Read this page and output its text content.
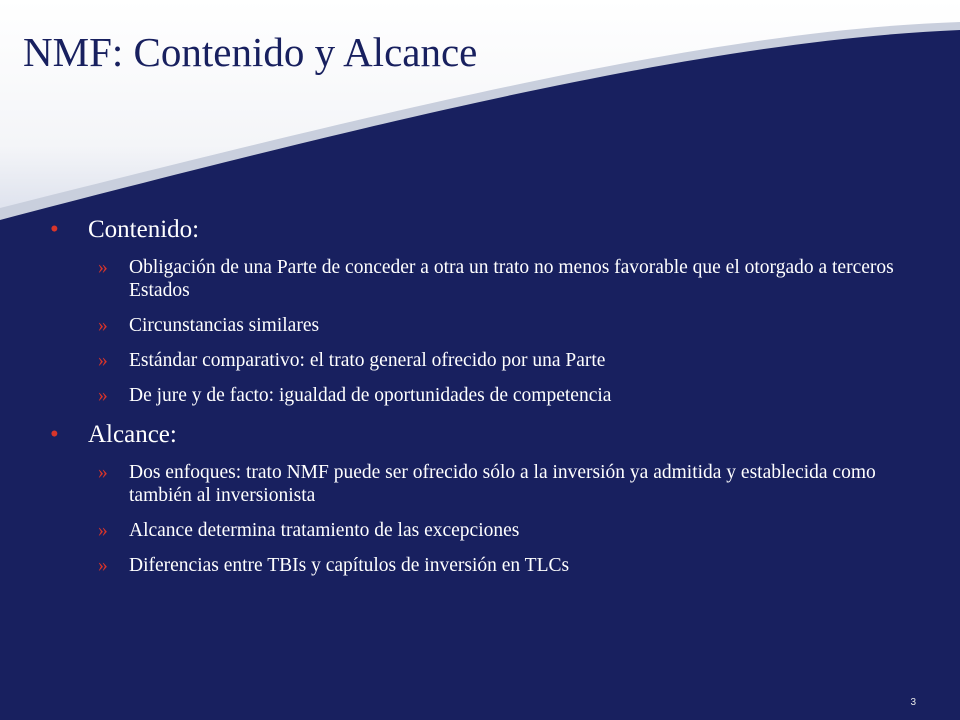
NMF: Contenido y Alcance
• Contenido:
» Obligación de una Parte de conceder a otra un trato no menos favorable que el otorgado a terceros Estados
» Circunstancias similares
» Estándar comparativo: el trato general ofrecido por una Parte
» De jure y de facto: igualdad de oportunidades de competencia
• Alcance:
» Dos enfoques: trato NMF puede ser ofrecido sólo a la inversión ya admitida y establecida como también al inversionista
» Alcance determina tratamiento de las excepciones
» Diferencias entre TBIs y capítulos de inversión en TLCs
3
